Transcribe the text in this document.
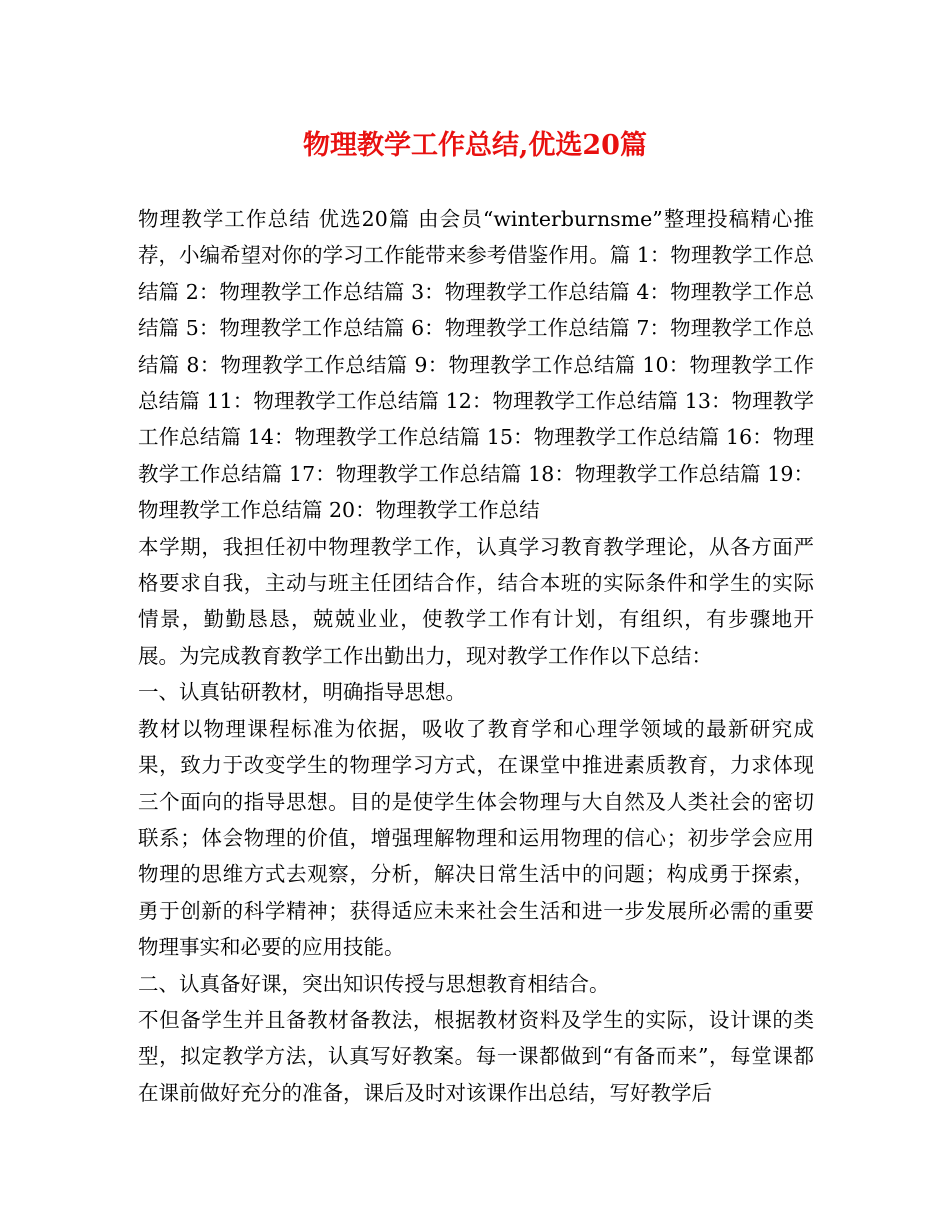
物理教学工作总结,优选20篇

物理教学工作总结 优选20篇 由会员“winterburnsme”整理投稿精心推荐，小编希望对你的学习工作能带来参考借鉴作用。篇 1：物理教学工作总结篇 2：物理教学工作总结篇 3：物理教学工作总结篇 4：物理教学工作总结篇 5：物理教学工作总结篇 6：物理教学工作总结篇 7：物理教学工作总结篇 8：物理教学工作总结篇 9：物理教学工作总结篇 10：物理教学工作总结篇 11：物理教学工作总结篇 12：物理教学工作总结篇 13：物理教学工作总结篇 14：物理教学工作总结篇 15：物理教学工作总结篇 16：物理教学工作总结篇 17：物理教学工作总结篇 18：物理教学工作总结篇 19：物理教学工作总结篇 20：物理教学工作总结

本学期，我担任初中物理教学工作，认真学习教育教学理论，从各方面严格要求自我，主动与班主任团结合作，结合本班的实际条件和学生的实际情景，勤勤恳恳，兢兢业业，使教学工作有计划，有组织，有步骤地开展。为完成教育教学工作出勤出力，现对教学工作作以下总结：

一、认真钻研教材，明确指导思想。

教材以物理课程标准为依据，吸收了教育学和心理学领域的最新研究成果，致力于改变学生的物理学习方式，在课堂中推进素质教育，力求体现三个面向的指导思想。目的是使学生体会物理与大自然及人类社会的密切联系；体会物理的价值，增强理解物理和运用物理的信心；初步学会应用物理的思维方式去观察，分析，解决日常生活中的问题；构成勇于探索，勇于创新的科学精神；获得适应未来社会生活和进一步发展所必需的重要物理事实和必要的应用技能。

二、认真备好课，突出知识传授与思想教育相结合。

不但备学生并且备教材备教法，根据教材资料及学生的实际，设计课的类型，拟定教学方法，认真写好教案。每一课都做到“有备而来”，每堂课都在课前做好充分的准备，课后及时对该课作出总结，写好教学后
